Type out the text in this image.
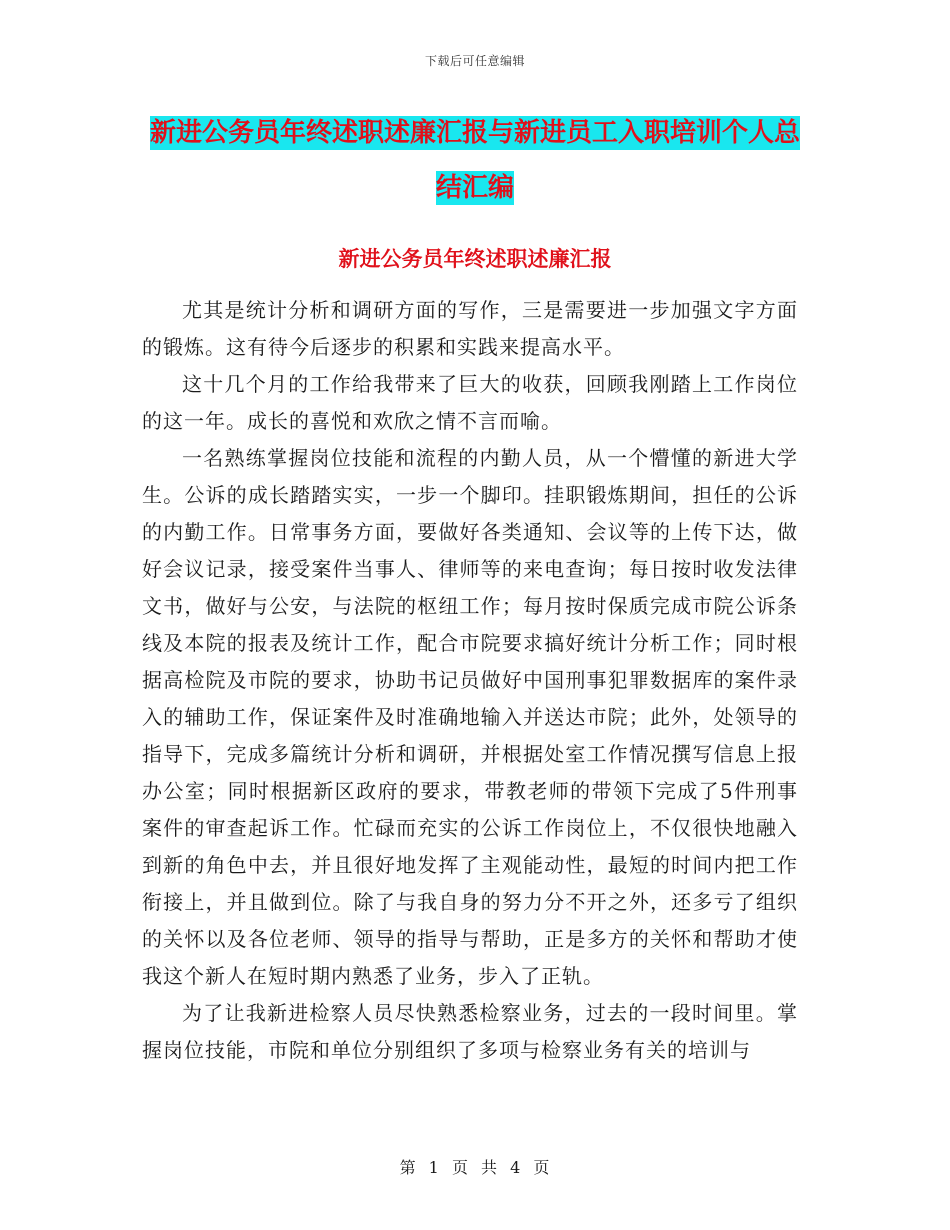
下载后可任意编辑
新进公务员年终述职述廉汇报与新进员工入职培训个人总结汇编
新进公务员年终述职述廉汇报

尤其是统计分析和调研方面的写作，三是需要进一步加强文字方面的锻炼。这有待今后逐步的积累和实践来提高水平。

这十几个月的工作给我带来了巨大的收获，回顾我刚踏上工作岗位的这一年。成长的喜悦和欢欣之情不言而喻。

一名熟练掌握岗位技能和流程的内勤人员，从一个懵懂的新进大学生。公诉的成长踏踏实实，一步一个脚印。挂职锻炼期间，担任的公诉的内勤工作。日常事务方面，要做好各类通知、会议等的上传下达，做好会议记录，接受案件当事人、律师等的来电查询；每日按时收发法律文书，做好与公安，与法院的枢纽工作；每月按时保质完成市院公诉条线及本院的报表及统计工作，配合市院要求搞好统计分析工作；同时根据高检院及市院的要求，协助书记员做好中国刑事犯罪数据库的案件录入的辅助工作，保证案件及时准确地输入并送达市院；此外，处领导的指导下，完成多篇统计分析和调研，并根据处室工作情况撰写信息上报办公室；同时根据新区政府的要求，带教老师的带领下完成了5件刑事案件的审查起诉工作。忙碌而充实的公诉工作岗位上，不仅很快地融入到新的角色中去，并且很好地发挥了主观能动性，最短的时间内把工作衔接上，并且做到位。除了与我自身的努力分不开之外，还多亏了组织的关怀以及各位老师、领导的指导与帮助，正是多方的关怀和帮助才使我这个新人在短时期内熟悉了业务，步入了正轨。

为了让我新进检察人员尽快熟悉检察业务，过去的一段时间里。掌握岗位技能，市院和单位分别组织了多项与检察业务有关的培训与

第 1 页 共 4 页
